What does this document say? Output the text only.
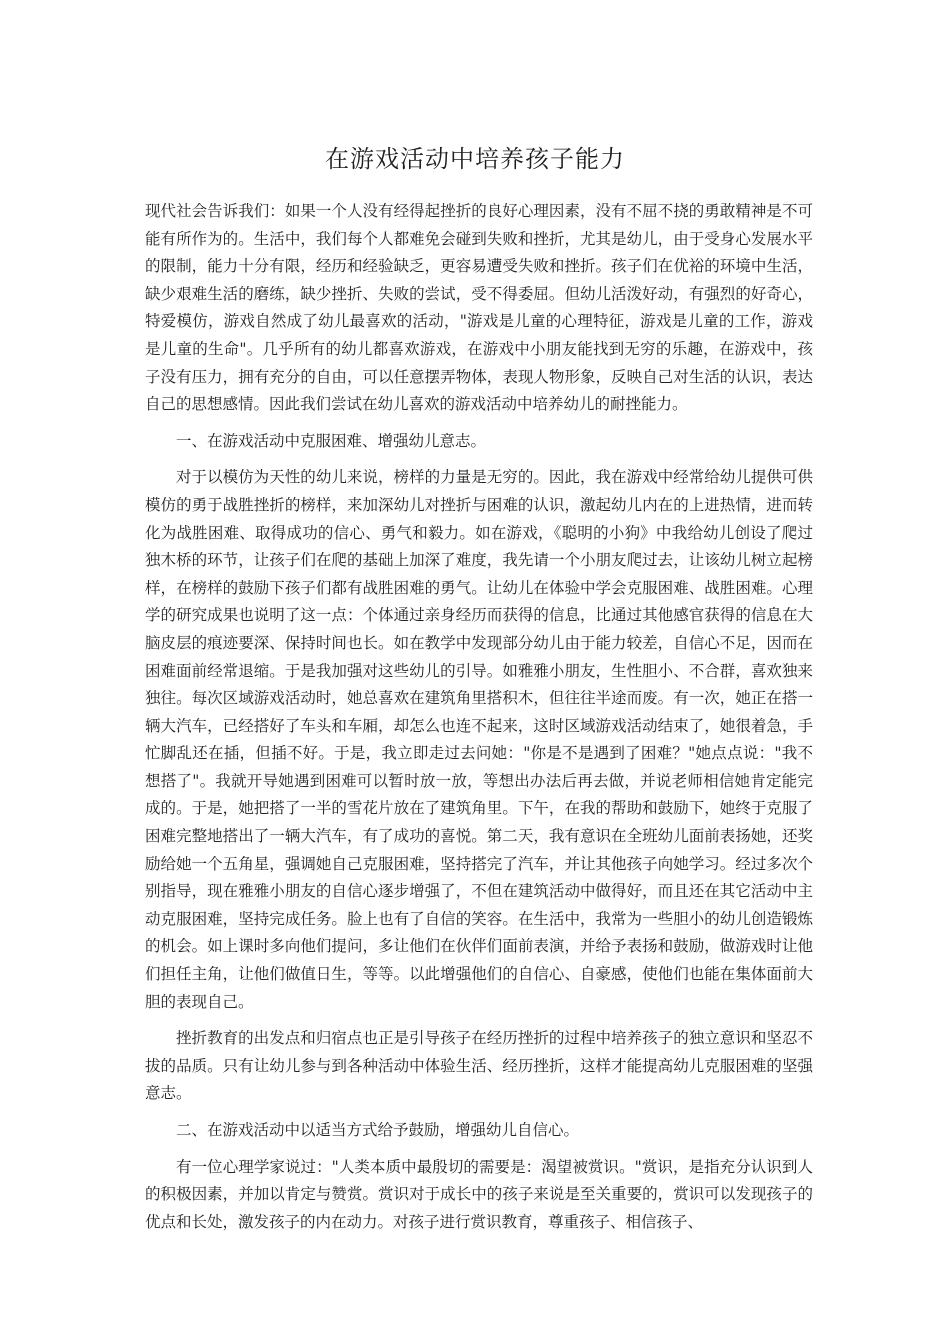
在游戏活动中培养孩子能力

现代社会告诉我们：如果一个人没有经得起挫折的良好心理因素，没有不屈不挠的勇敢精神是不可能有所作为的。生活中，我们每个人都难免会碰到失败和挫折，尤其是幼儿，由于受身心发展水平的限制，能力十分有限，经历和经验缺乏，更容易遭受失败和挫折。孩子们在优裕的环境中生活，缺少艰难生活的磨练，缺少挫折、失败的尝试，受不得委屈。但幼儿活泼好动，有强烈的好奇心，特爱模仿，游戏自然成了幼儿最喜欢的活动，"游戏是儿童的心理特征，游戏是儿童的工作，游戏是儿童的生命"。几乎所有的幼儿都喜欢游戏，在游戏中小朋友能找到无穷的乐趣，在游戏中，孩子没有压力，拥有充分的自由，可以任意摆弄物体，表现人物形象，反映自己对生活的认识，表达自己的思想感情。因此我们尝试在幼儿喜欢的游戏活动中培养幼儿的耐挫能力。

一、在游戏活动中克服困难、增强幼儿意志。

对于以模仿为天性的幼儿来说，榜样的力量是无穷的。因此，我在游戏中经常给幼儿提供可供模仿的勇于战胜挫折的榜样，来加深幼儿对挫折与困难的认识，激起幼儿内在的上进热情，进而转化为战胜困难、取得成功的信心、勇气和毅力。如在游戏，《聪明的小狗》中我给幼儿创设了爬过独木桥的环节，让孩子们在爬的基础上加深了难度，我先请一个小朋友爬过去，让该幼儿树立起榜样，在榜样的鼓励下孩子们都有战胜困难的勇气。让幼儿在体验中学会克服困难、战胜困难。心理学的研究成果也说明了这一点：个体通过亲身经历而获得的信息，比通过其他感官获得的信息在大脑皮层的痕迹要深、保持时间也长。如在教学中发现部分幼儿由于能力较差，自信心不足，因而在困难面前经常退缩。于是我加强对这些幼儿的引导。如雅雅小朋友，生性胆小、不合群，喜欢独来独往。每次区域游戏活动时，她总喜欢在建筑角里搭积木，但往往半途而废。有一次，她正在搭一辆大汽车，已经搭好了车头和车厢，却怎么也连不起来，这时区域游戏活动结束了，她很着急，手忙脚乱还在插，但插不好。于是，我立即走过去问她："你是不是遇到了困难？"她点点说："我不想搭了"。我就开导她遇到困难可以暂时放一放，等想出办法后再去做，并说老师相信她肯定能完成的。于是，她把搭了一半的雪花片放在了建筑角里。下午，在我的帮助和鼓励下，她终于克服了困难完整地搭出了一辆大汽车，有了成功的喜悦。第二天，我有意识在全班幼儿面前表扬她，还奖励给她一个五角星，强调她自己克服困难，坚持搭完了汽车，并让其他孩子向她学习。经过多次个别指导，现在雅雅小朋友的自信心逐步增强了，不但在建筑活动中做得好，而且还在其它活动中主动克服困难，坚持完成任务。脸上也有了自信的笑容。在生活中，我常为一些胆小的幼儿创造锻炼的机会。如上课时多向他们提问，多让他们在伙伴们面前表演，并给予表扬和鼓励，做游戏时让他们担任主角，让他们做值日生，等等。以此增强他们的自信心、自豪感，使他们也能在集体面前大胆的表现自己。

挫折教育的出发点和归宿点也正是引导孩子在经历挫折的过程中培养孩子的独立意识和坚忍不拔的品质。只有让幼儿参与到各种活动中体验生活、经历挫折，这样才能提高幼儿克服困难的坚强意志。

二、在游戏活动中以适当方式给予鼓励，增强幼儿自信心。

有一位心理学家说过："人类本质中最殷切的需要是：渴望被赏识。"赏识，是指充分认识到人的积极因素，并加以肯定与赞赏。赏识对于成长中的孩子来说是至关重要的，赏识可以发现孩子的优点和长处，激发孩子的内在动力。对孩子进行赏识教育，尊重孩子、相信孩子、
